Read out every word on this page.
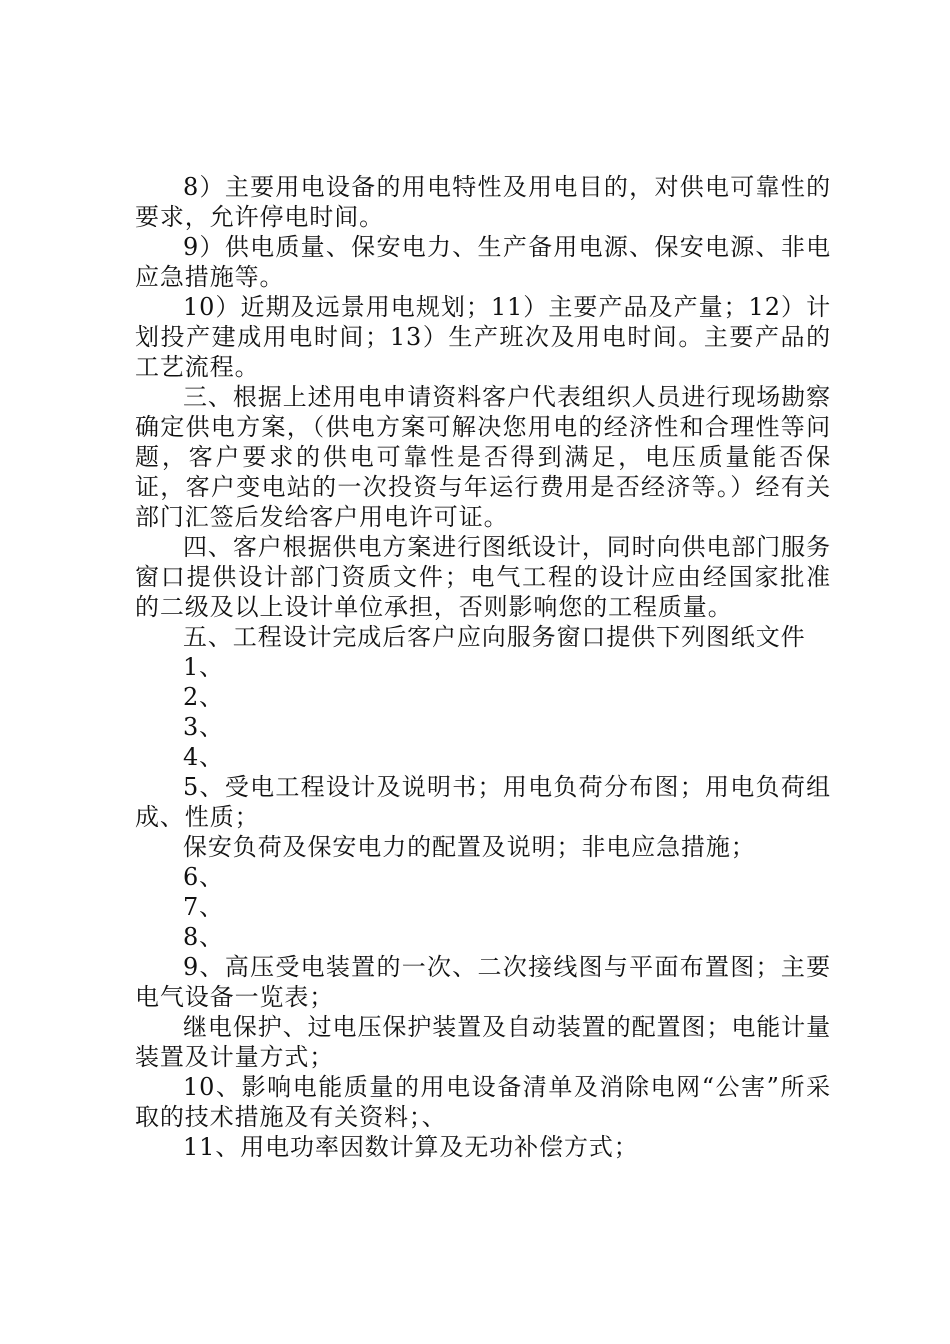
8）主要用电设备的用电特性及用电目的，对供电可靠性的要求，允许停电时间。

9）供电质量、保安电力、生产备用电源、保安电源、非电应急措施等。

10）近期及远景用电规划；11）主要产品及产量；12）计划投产建成用电时间；13）生产班次及用电时间。主要产品的工艺流程。

三、根据上述用电申请资料客户代表组织人员进行现场勘察确定供电方案，（供电方案可解决您用电的经济性和合理性等问题，客户要求的供电可靠性是否得到满足，电压质量能否保证，客户变电站的一次投资与年运行费用是否经济等。）经有关部门汇签后发给客户用电许可证。

四、客户根据供电方案进行图纸设计，同时向供电部门服务窗口提供设计部门资质文件；电气工程的设计应由经国家批准的二级及以上设计单位承担，否则影响您的工程质量。

五、工程设计完成后客户应向服务窗口提供下列图纸文件

1、

2、

3、

4、

5、受电工程设计及说明书；用电负荷分布图；用电负荷组成、性质；

保安负荷及保安电力的配置及说明；非电应急措施；

6、

7、

8、

9、高压受电装置的一次、二次接线图与平面布置图；主要电气设备一览表；

继电保护、过电压保护装置及自动装置的配置图；电能计量装置及计量方式；

10、影响电能质量的用电设备清单及消除电网“公害”所采取的技术措施及有关资料；、

11、用电功率因数计算及无功补偿方式；
